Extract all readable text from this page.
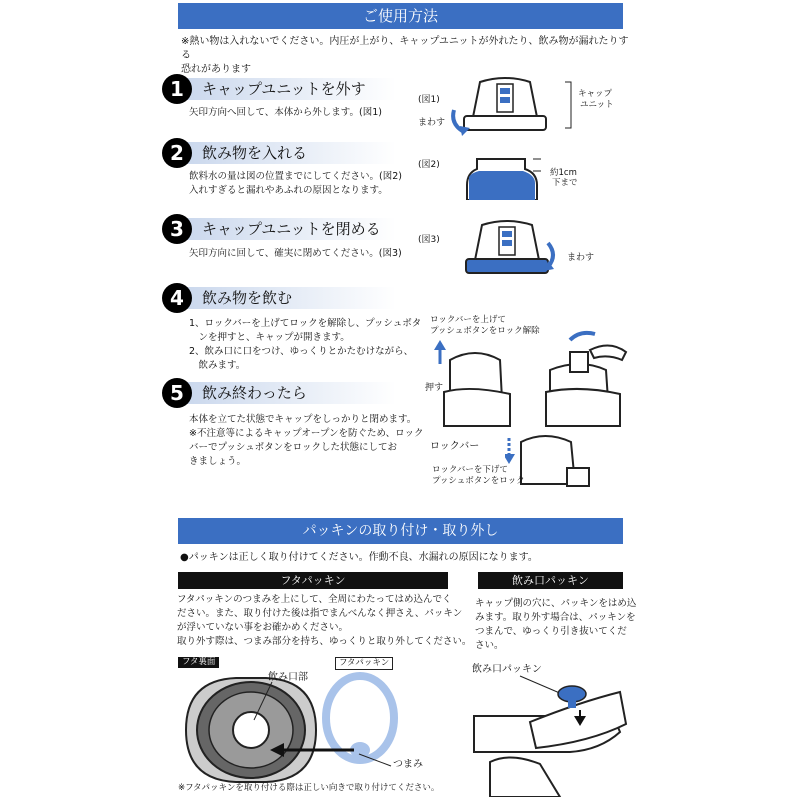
ご使用方法
※熱い物は入れないでください。内圧が上がり、キャップユニットが外れたり、飲み物が漏れたりする
恐れがあります
1	キャップユニットを外す
矢印方向へ回して、本体から外します。(図1)
2	飲み物を入れる
飲料水の量は図の位置までにしてください。(図2)
入れすぎると漏れやあふれの原因となります。
3	キャップユニットを閉める
矢印方向に回して、確実に閉めてください。(図3)
4	飲み物を飲む
1、ロックバーを上げてロックを解除し、プッシュボタ
　ンを押すと、キャップが開きます。
2、飲み口に口をつけ、ゆっくりとかたむけながら、
　飲みます。
5	飲み終わったら
本体を立てた状態でキャップをしっかりと閉めます。
※不注意等によるキャップオープンを防ぐため、ロック
バーでプッシュボタンをロックした状態にしてお
きましょう。
(図1)
まわす
キャップ
ユニット
(図2)
約1cm
下まで
(図3)
まわす
ロックバーを上げて
プッシュボタンをロック解除
押す
ロックバー
ロックバーを下げて
プッシュボタンをロック
パッキンの取り付け・取り外し
●パッキンは正しく取り付けてください。作動不良、水漏れの原因になります。
フタパッキン	飲み口パッキン
フタパッキンのつまみを上にして、全周にわたってはめ込んでく
ださい。また、取り付けた後は指でまんべんなく押さえ、パッキン
が浮いていない事をお確かめください。
取り外す際は、つまみ部分を持ち、ゆっくりと取り外してください。
キャップ側の穴に、パッキンをはめ込
みます。取り外す場合は、パッキンを
つまんで、ゆっくり引き抜いてくだ
さい。
フタ裏面
飲み口部
フタパッキン
つまみ
飲み口パッキン
※フタパッキンを取り付ける際は正しい向きで取り付けてください。
